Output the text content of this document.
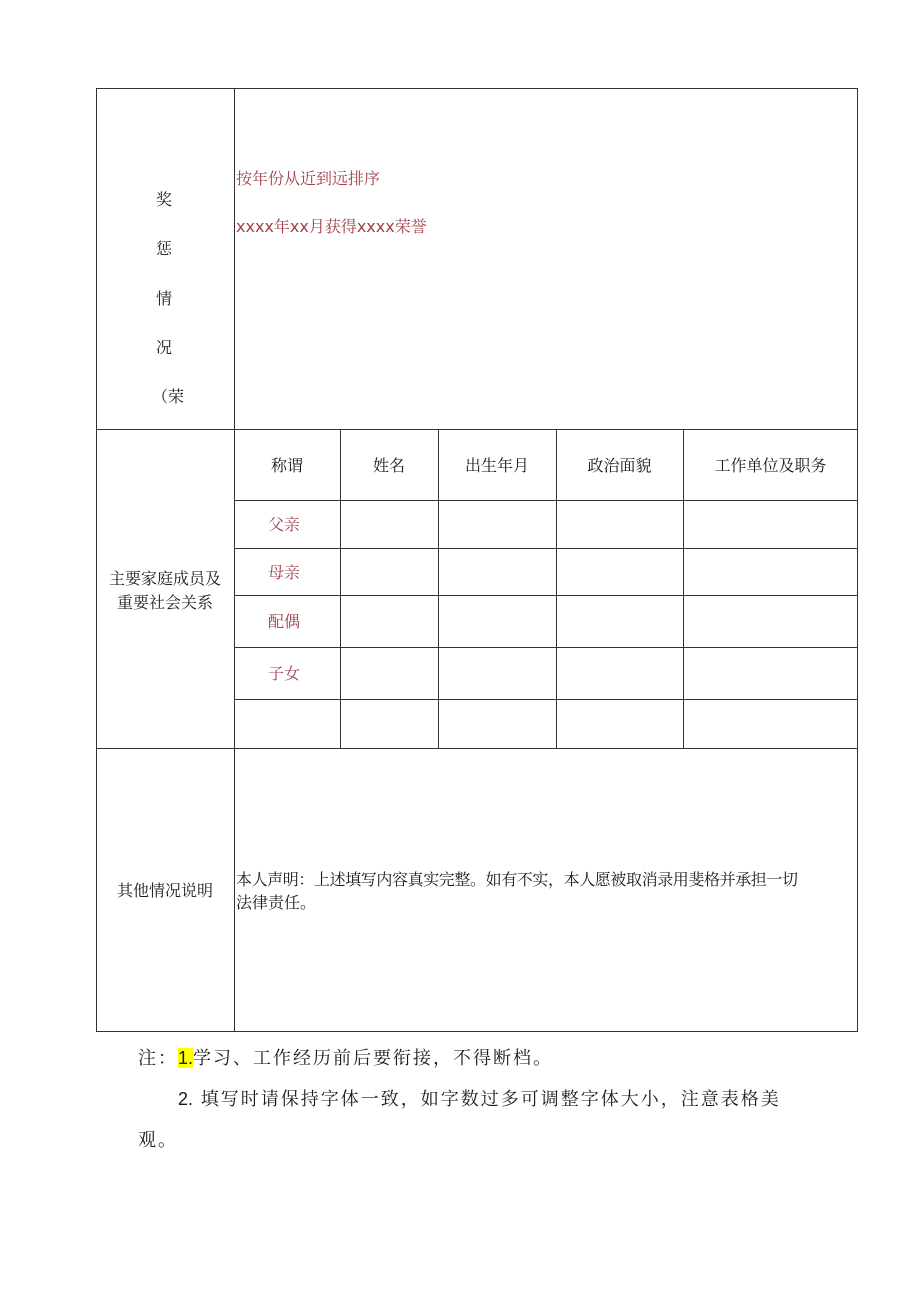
奖
惩
情
况
（荣
按年份从近到远排序
xxxx年xx月获得xxxx荣誉
主要家庭成员及
重要社会关系
称谓	姓名	出生年月	政治面貌	工作单位及职务
父亲
母亲
配偶
子女
其他情况说明
本人声明：上述填写内容真实完整。如有不实，本人愿被取消录用斐格并承担一切
法律责任。
注：1.学习、工作经历前后要衔接，不得断档。
2. 填写时请保持字体一致，如字数过多可调整字体大小，注意表格美
观。
